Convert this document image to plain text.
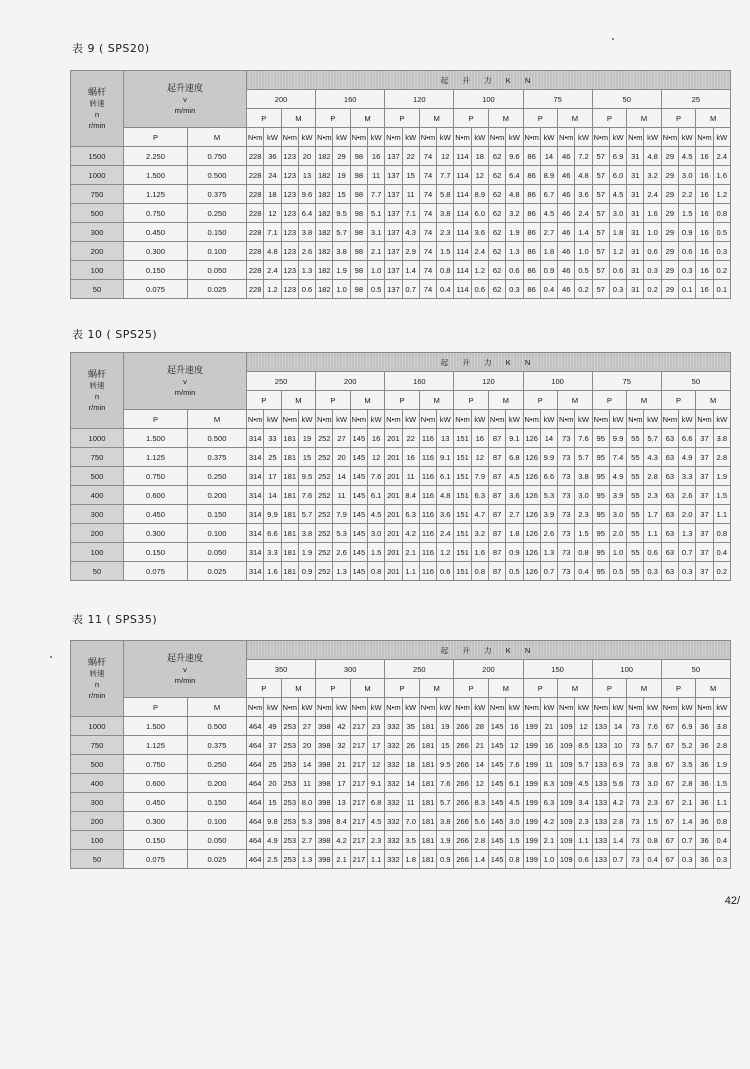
表 9 ( SPS20)
蜗杆
转速
n
r/min	起升速度
v
m/min		起 升 力 K N																											
			200				160				120				100				75				50				25			
			P		M		P		M		P		M		P		M		P		M		P		M		P		M	
	P	M	N•m	kW	N•m	kW	N•m	kW	N•m	kW	N•m	kW	N•m	kW	N•m	kW	N•m	kW	N•m	kW	N•m	kW	N•m	kW	N•m	kW	N•m	kW	N•m	kW
1500	2.250	0.750	228	36	123	20	182	29	98	16	137	22	74	12	114	18	62	9.6	86	14	46	7.2	57	6.9	31	4.8	29	4.5	16	2.4
1000	1.500	0.500	228	24	123	13	182	19	98	11	137	15	74	7.7	114	12	62	6.4	86	8.9	46	4.8	57	6.0	31	3.2	29	3.0	16	1.6
750	1.125	0.375	228	18	123	9.6	182	15	98	7.7	137	11	74	5.8	114	8.9	62	4.8	86	6.7	46	3.6	57	4.5	31	2.4	29	2.2	16	1.2
500	0.750	0.250	228	12	123	6.4	182	9.5	98	5.1	137	7.1	74	3.8	114	6.0	62	3.2	86	4.5	46	2.4	57	3.0	31	1.6	29	1.5	16	0.8
300	0.450	0.150	228	7.1	123	3.8	182	5.7	98	3.1	137	4.3	74	2.3	114	3.6	62	1.9	86	2.7	46	1.4	57	1.8	31	1.0	29	0.9	16	0.5
200	0.300	0.100	228	4.8	123	2.6	182	3.8	98	2.1	137	2.9	74	1.5	114	2.4	62	1.3	86	1.8	46	1.0	57	1.2	31	0.6	29	0.6	16	0.3
100	0.150	0.050	228	2.4	123	1.3	182	1.9	98	1.0	137	1.4	74	0.8	114	1.2	62	0.6	86	0.9	46	0.5	57	0.6	31	0.3	29	0.3	16	0.2
50	0.075	0.025	228	1.2	123	0.6	182	1.0	98	0.5	137	0.7	74	0.4	114	0.6	62	0.3	86	0.4	46	0.2	57	0.3	31	0.2	29	0.1	16	0.1
表 10 ( SPS25)
蜗杆
转速
n
r/min	起升速度
v
m/min		起 升 力 K N																											
			250				200				160				120				100				75				50			
			P		M		P		M		P		M		P		M		P		M		P		M		P		M	
	P	M	N•m	kW	N•m	kW	N•m	kW	N•m	kW	N•m	kW	N•m	kW	N•m	kW	N•m	kW	N•m	kW	N•m	kW	N•m	kW	N•m	kW	N•m	kW	N•m	kW
1000	1.500	0.500	314	33	181	19	252	27	145	16	201	22	116	13	151	16	87	9.1	126	14	73	7.6	95	9.9	55	5.7	63	6.6	37	3.8
750	1.125	0.375	314	25	181	15	252	20	145	12	201	16	116	9.1	151	12	87	6.8	126	9.9	73	5.7	95	7.4	55	4.3	63	4.9	37	2.8
500	0.750	0.250	314	17	181	9.5	252	14	145	7.6	201	11	116	6.1	151	7.9	87	4.5	126	6.6	73	3.8	95	4.9	55	2.8	63	3.3	37	1.9
400	0.600	0.200	314	14	181	7.6	252	11	145	6.1	201	8.4	116	4.8	151	6.3	87	3.6	126	5.3	73	3.0	95	3.9	55	2.3	63	2.6	37	1.5
300	0.450	0.150	314	9.9	181	5.7	252	7.9	145	4.5	201	6.3	116	3.6	151	4.7	87	2.7	126	3.9	73	2.3	95	3.0	55	1.7	63	2.0	37	1.1
200	0.300	0.100	314	6.6	181	3.8	252	5.3	145	3.0	201	4.2	116	2.4	151	3.2	87	1.8	126	2.6	73	1.5	95	2.0	55	1.1	63	1.3	37	0.8
100	0.150	0.050	314	3.3	181	1.9	252	2.6	145	1.5	201	2.1	116	1.2	151	1.6	87	0.9	126	1.3	73	0.8	95	1.0	55	0.6	63	0.7	37	0.4
50	0.075	0.025	314	1.6	181	0.9	252	1.3	145	0.8	201	1.1	116	0.6	151	0.8	87	0.5	126	0.7	73	0.4	95	0.5	55	0.3	63	0.3	37	0.2
表 11 ( SPS35)
蜗杆
转速
n
r/min	起升速度
v
m/min		起 升 力 K N																											
			350				300				250				200				150				100				50			
			P		M		P		M		P		M		P		M		P		M		P		M		P		M	
	P	M	N•m	kW	N•m	kW	N•m	kW	N•m	kW	N•m	kW	N•m	kW	N•m	kW	N•m	kW	N•m	kW	N•m	kW	N•m	kW	N•m	kW	N•m	kW	N•m	kW
1000	1.500	0.500	464	49	253	27	398	42	217	23	332	35	181	19	266	28	145	16	199	21	109	12	133	14	73	7.6	67	6.9	36	3.8
750	1.125	0.375	464	37	253	20	398	32	217	17	332	26	181	15	266	21	145	12	199	16	109	8.5	133	10	73	5.7	67	5.2	36	2.8
500	0.750	0.250	464	25	253	14	398	21	217	12	332	18	181	9.5	266	14	145	7.6	199	11	109	5.7	133	6.9	73	3.8	67	3.5	36	1.9
400	0.600	0.200	464	20	253	11	398	17	217	9.1	332	14	181	7.6	266	12	145	6.1	199	8.3	109	4.5	133	5.6	73	3.0	67	2.8	36	1.5
300	0.450	0.150	464	15	253	8.0	398	13	217	6.8	332	11	181	5.7	266	8.3	145	4.5	199	6.3	109	3.4	133	4.2	73	2.3	67	2.1	36	1.1
200	0.300	0.100	464	9.8	253	5.3	398	8.4	217	4.5	332	7.0	181	3.8	266	5.6	145	3.0	199	4.2	109	2.3	133	2.8	73	1.5	67	1.4	36	0.8
100	0.150	0.050	464	4.9	253	2.7	398	4.2	217	2.3	332	3.5	181	1.9	266	2.8	145	1.5	199	2.1	109	1.1	133	1.4	73	0.8	67	0.7	36	0.4
50	0.075	0.025	464	2.5	253	1.3	398	2.1	217	1.1	332	1.8	181	0.9	266	1.4	145	0.8	199	1.0	109	0.6	133	0.7	73	0.4	67	0.3	36	0.3
42/
